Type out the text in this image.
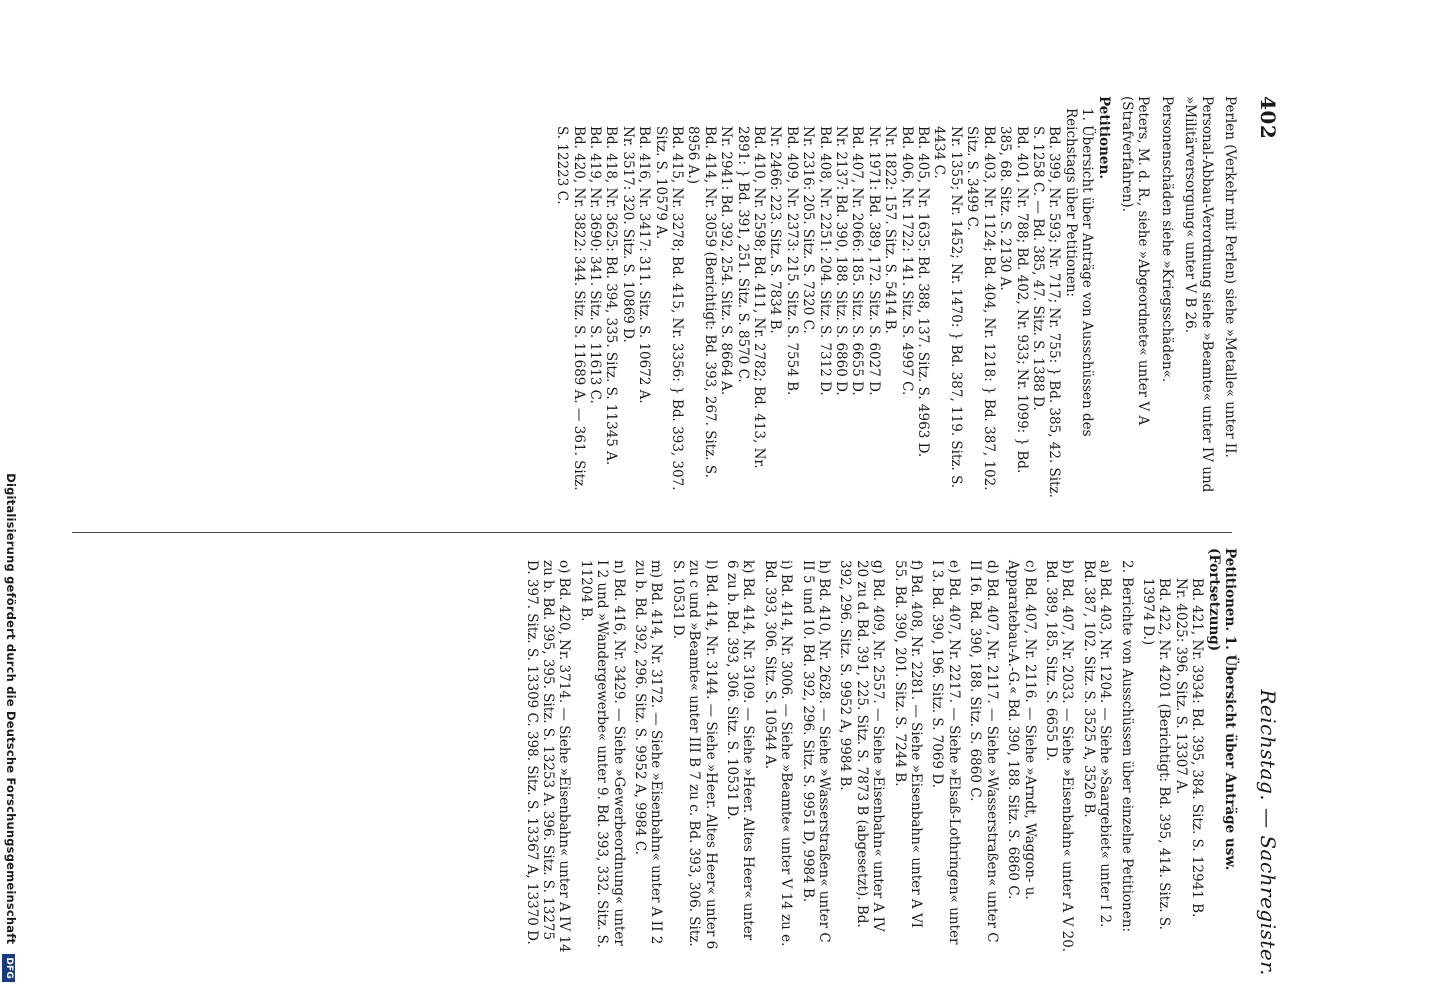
402
Reichstag. — Sachregister.

Perlen (Verkehr mit Perlen) siehe »Metalle« unter II.

Personal-Abbau-Verordnung siehe »Beamte« unter IV und »Militärversorgung« unter V B 26.

Personenschäden siehe »Kriegsschäden«.

Peters, M. d. R., siehe »Abgeordnete« unter V A (Strafverfahren).

Petitionen.

1. Übersicht über Anträge von Ausschüssen des Reichstags über Petitionen:

Bd. 399, Nr. 593; Nr. 717; Nr. 755: } Bd. 385, 42. Sitz. S. 1258 C. — Bd. 385, 47. Sitz. S. 1388 D.

Bd. 401, Nr. 788; Bd. 402, Nr. 933; Nr. 1099: } Bd. 385, 68. Sitz. S. 2130 A.

Bd. 403, Nr. 1124; Bd. 404, Nr. 1218: } Bd. 387, 102. Sitz. S. 3499 C.

Nr. 1355; Nr. 1452; Nr. 1470: } Bd. 387, 119. Sitz. S. 4434 C.

Bd. 405, Nr. 1635: Bd. 388, 137. Sitz. S. 4963 D.

Bd. 406, Nr. 1722: 141. Sitz. S. 4997 C.

Nr. 1822: 157. Sitz. S. 5414 B.

Nr. 1971: Bd. 389, 172. Sitz. S. 6027 D.

Bd. 407, Nr. 2066: 185. Sitz. S. 6655 D.

Nr. 2137: Bd. 390, 188. Sitz. S. 6860 D.

Bd. 408, Nr. 2251: 204. Sitz. S. 7312 D.

Nr. 2316: 205. Sitz. S. 7320 C.

Bd. 409, Nr. 2373: 215. Sitz. S. 7554 B.

Nr. 2466: 223. Sitz. S. 7834 B.

Bd. 410, Nr. 2598; Bd. 411, Nr. 2782; Bd. 413, Nr. 2891: } Bd. 391, 251. Sitz. S. 8570 C.

Nr. 2941: Bd. 392, 254. Sitz. S. 8664 A.

Bd. 414, Nr. 3059 (Berichtigt: Bd. 393, 267. Sitz. S. 8956 A.)

Bd. 415, Nr. 3278; Bd. 415, Nr. 3356: } Bd. 393, 307. Sitz. S. 10579 A.

Bd. 416, Nr. 3417: 311. Sitz. S. 10672 A.

Nr. 3517: 320. Sitz. S. 10869 D.

Bd. 418, Nr. 3625: Bd. 394, 335. Sitz. S. 11345 A.

Bd. 419, Nr. 3690: 341. Sitz. S. 11613 C.

Bd. 420, Nr. 3822: 344. Sitz. S. 11689 A. — 361. Sitz. S. 12223 C.

Petitionen. 1. Übersicht über Anträge usw. (Fortsetzung)

Bd. 421, Nr. 3934: Bd. 395, 384. Sitz. S. 12941 B.

Nr. 4025: 396. Sitz. S. 13307 A.

Bd. 422, Nr. 4201 (Berichtigt: Bd. 395, 414. Sitz. S. 13974 D.)

2. Berichte von Ausschüssen über einzelne Petitionen:

a) Bd. 403, Nr. 1204. — Siehe »Saargebiet« unter I 2. Bd. 387, 102. Sitz. S. 3525 A, 3526 B.

b) Bd. 407, Nr. 2033. — Siehe »Eisenbahn« unter A V 20. Bd. 389, 185. Sitz. S. 6655 D.

c) Bd. 407, Nr. 2116. — Siehe »Arndt, Waggon- u. Apparatebau-A.-G.« Bd. 390, 188. Sitz. S. 6860 C.

d) Bd. 407, Nr. 2117. — Siehe »Wasserstraßen« unter C II 16. Bd. 390, 188. Sitz. S. 6860 C.

e) Bd. 407, Nr. 2217. — Siehe »Elsaß-Lothringen« unter I 3. Bd. 390, 196. Sitz. S. 7069 D.

f) Bd. 408, Nr. 2281. — Siehe »Eisenbahn« unter A VI 55. Bd. 390, 201. Sitz. S. 7244 B.

g) Bd. 409, Nr. 2557. — Siehe »Eisenbahn« unter A IV 20 zu d. Bd. 391, 225. Sitz. S. 7873 B (abgesetzt). Bd. 392, 296. Sitz. S. 9952 A, 9984 B.

h) Bd. 410, Nr. 2628. — Siehe »Wasserstraßen« unter C II 5 und 10. Bd. 392, 296. Sitz. S. 9951 D, 9984 B.

i) Bd. 414, Nr. 3006. — Siehe »Beamte« unter V 14 zu e. Bd. 393, 306. Sitz. S. 10544 A.

k) Bd. 414, Nr. 3109. — Siehe »Heer. Altes Heer« unter 6 zu b. Bd. 393, 306. Sitz. S. 10531 D.

l) Bd. 414, Nr. 3144. — Siehe »Heer. Altes Heer« unter 6 zu c und »Beamte« unter III B 7 zu c. Bd. 393, 306. Sitz. S. 10531 D.

m) Bd. 414, Nr. 3172. — Siehe »Eisenbahn« unter A II 2 zu b. Bd. 392, 296. Sitz. S. 9952 A, 9984 C.

n) Bd. 416, Nr. 3429. — Siehe »Gewerbeordnung« unter I 2 und »Wandergewerbe« unter 9. Bd. 393, 332. Sitz. S. 11204 B.

o) Bd. 420, Nr. 3714. — Siehe »Eisenbahn« unter A IV 14 zu b. Bd. 395, 395. Sitz. S. 13253 A. 396. Sitz. S. 13275 D. 397. Sitz. S. 13309 C. 398. Sitz. S. 13367 A, 13370 D.

Digitalisierung gefördert durch die Deutsche Forschungsgemeinschaft DFG
